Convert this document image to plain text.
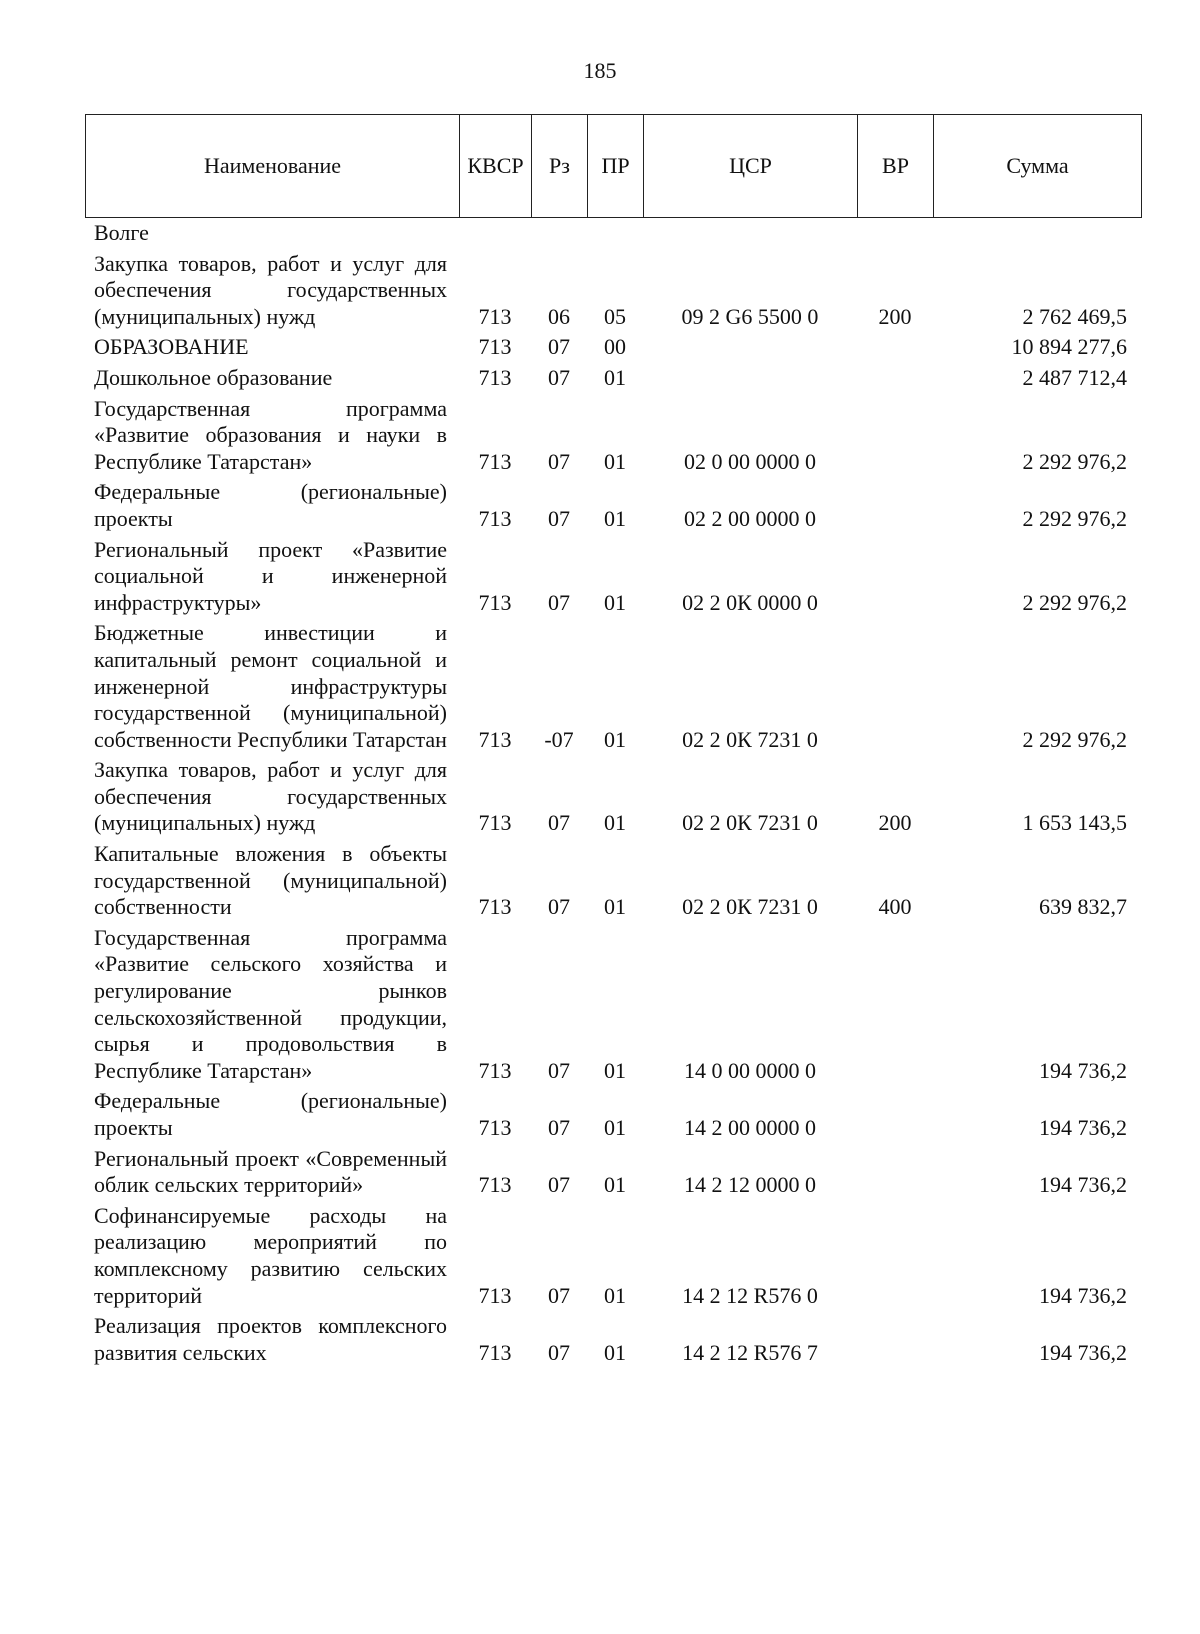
185
Наименование	КВСР	Рз	ПР	ЦСР	ВР	Сумма
Волге						
Закупка товаров, работ и услуг для обеспечения государственных (муниципальных) нужд	713	06	05	09 2 G6 5500 0	200	2 762 469,5
ОБРАЗОВАНИЕ	713	07	00			10 894 277,6
Дошкольное образование	713	07	01			2 487 712,4
Государственная программа «Развитие образования и науки в Республике Татарстан»	713	07	01	02 0 00 0000 0		2 292 976,2
Федеральные (региональные) проекты	713	07	01	02 2 00 0000 0		2 292 976,2
Региональный проект «Развитие социальной и инженерной инфраструктуры»	713	07	01	02 2 0К 0000 0		2 292 976,2
Бюджетные инвестиции и капитальный ремонт социальной и инженерной инфраструктуры государственной (муниципальной) собственности Республики Татарстан	713	-07	01	02 2 0К 7231 0		2 292 976,2
Закупка товаров, работ и услуг для обеспечения государственных (муниципальных) нужд	713	07	01	02 2 0К 7231 0	200	1 653 143,5
Капитальные вложения в объекты государственной (муниципальной) собственности	713	07	01	02 2 0К 7231 0	400	639 832,7
Государственная программа «Развитие сельского хозяйства и регулирование рынков сельскохозяйственной продукции, сырья и продовольствия в Республике Татарстан»	713	07	01	14 0 00 0000 0		194 736,2
Федеральные (региональные) проекты	713	07	01	14 2 00 0000 0		194 736,2
Региональный проект «Современный облик сельских территорий»	713	07	01	14 2 12 0000 0		194 736,2
Софинансируемые расходы на реализацию мероприятий по комплексному развитию сельских территорий	713	07	01	14 2 12 R576 0		194 736,2
Реализация проектов комплексного развития сельских	713	07	01	14 2 12 R576 7		194 736,2
